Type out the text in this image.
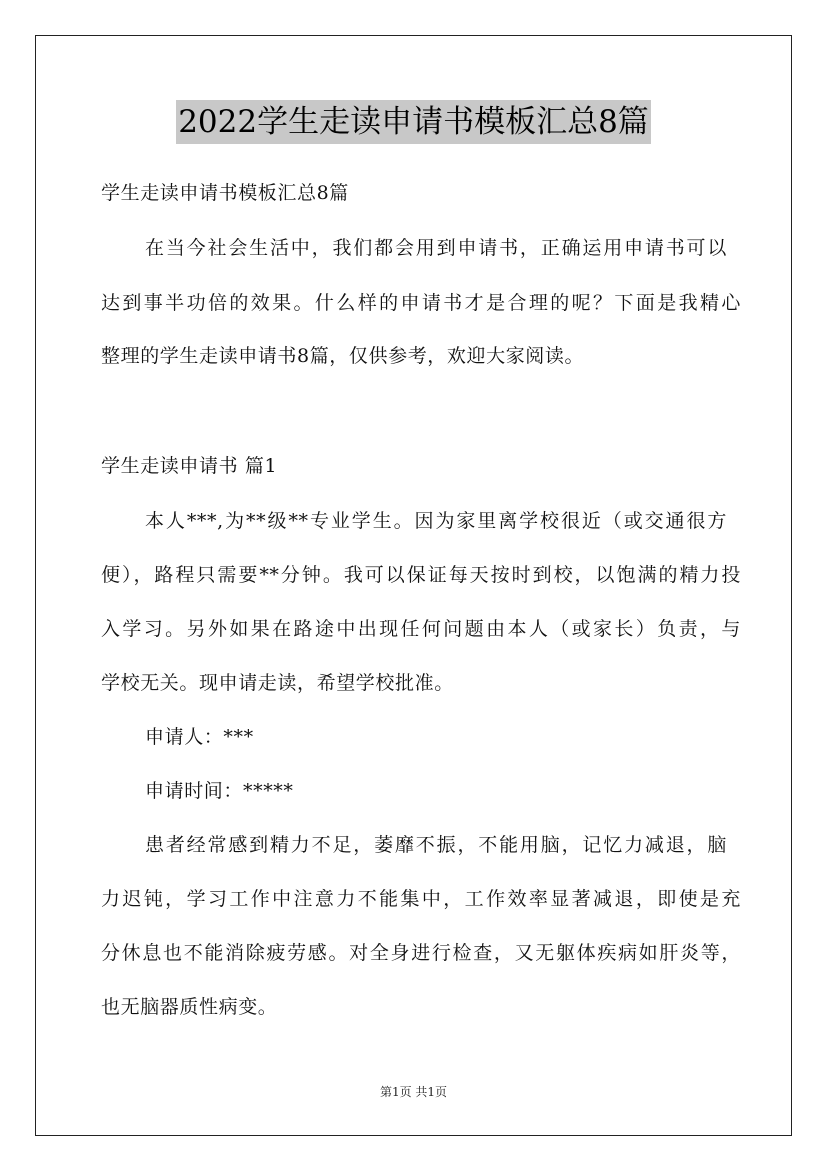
2022学生走读申请书模板汇总8篇
学生走读申请书模板汇总8篇
在当今社会生活中，我们都会用到申请书，正确运用申请书可以
达到事半功倍的效果。什么样的申请书才是合理的呢？下面是我精心
整理的学生走读申请书8篇，仅供参考，欢迎大家阅读。
学生走读申请书 篇1
本人***,为**级**专业学生。因为家里离学校很近（或交通很方
便），路程只需要**分钟。我可以保证每天按时到校，以饱满的精力投
入学习。另外如果在路途中出现任何问题由本人（或家长）负责，与
学校无关。现申请走读，希望学校批准。
申请人：***
申请时间：*****
患者经常感到精力不足，萎靡不振，不能用脑，记忆力减退，脑
力迟钝，学习工作中注意力不能集中，工作效率显著减退，即使是充
分休息也不能消除疲劳感。对全身进行检查，又无躯体疾病如肝炎等，
也无脑器质性病变。
第1页 共1页
